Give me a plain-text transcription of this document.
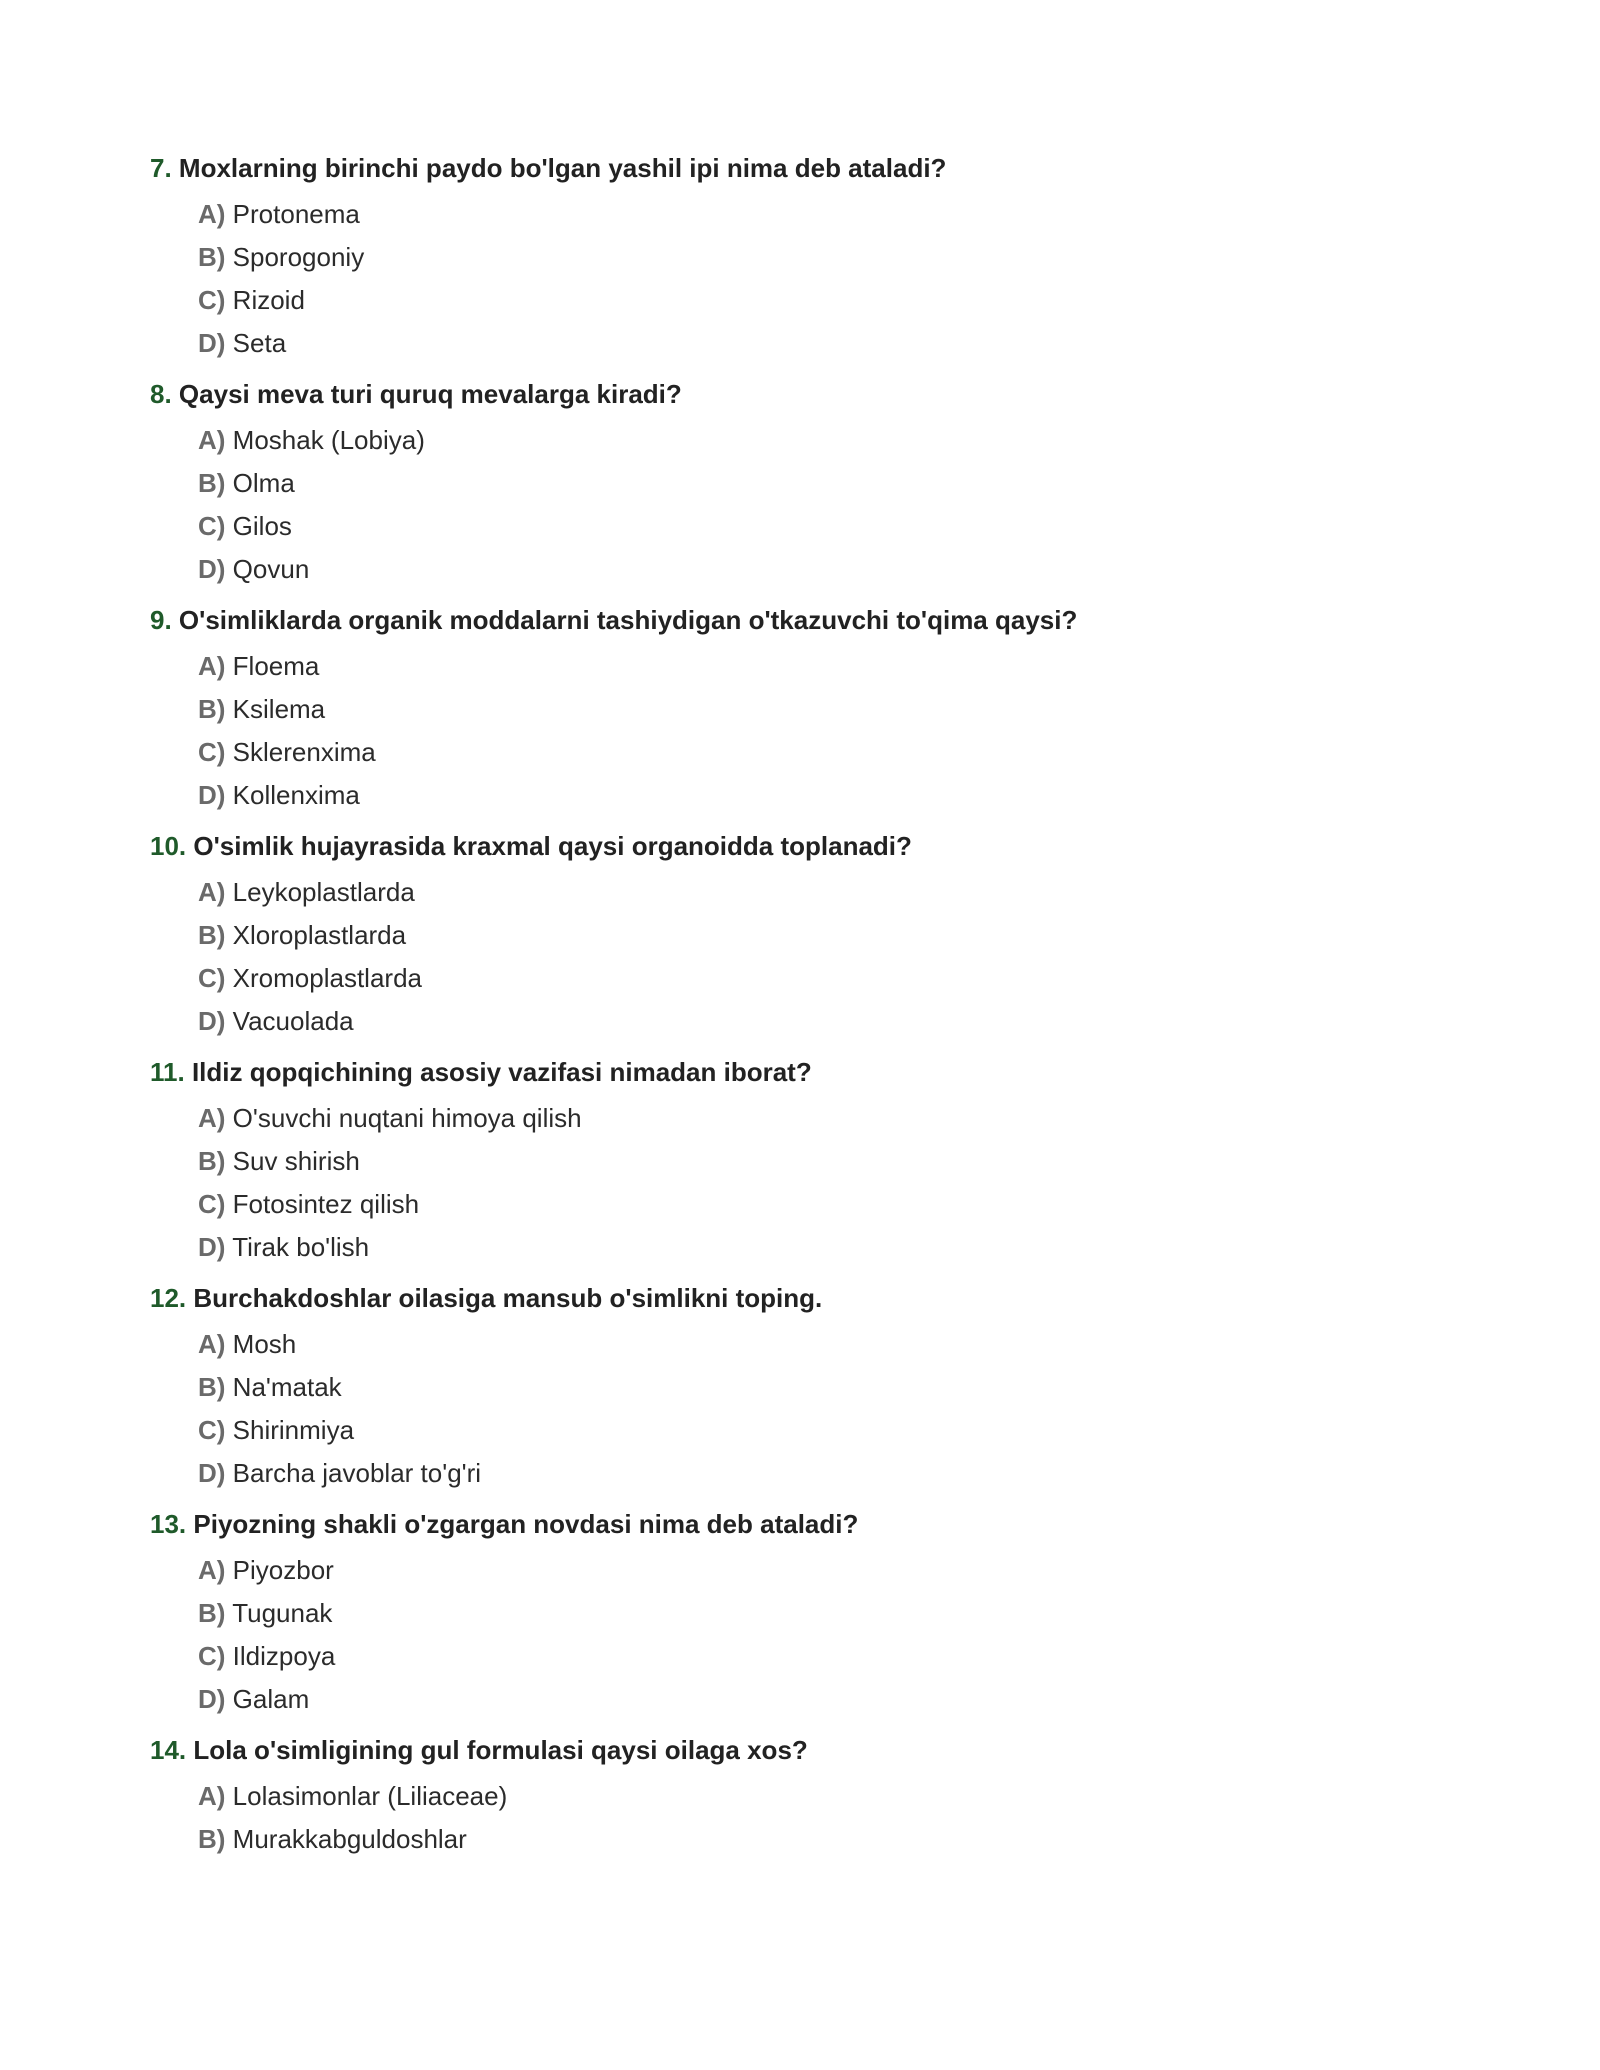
7. Moxlarning birinchi paydo bo'lgan yashil ipi nima deb ataladi?
A) Protonema
B) Sporogoniy
C) Rizoid
D) Seta
8. Qaysi meva turi quruq mevalarga kiradi?
A) Moshak (Lobiya)
B) Olma
C) Gilos
D) Qovun
9. O'simliklarda organik moddalarni tashiydigan o'tkazuvchi to'qima qaysi?
A) Floema
B) Ksilema
C) Sklerenxima
D) Kollenxima
10. O'simlik hujayrasida kraxmal qaysi organoidda toplanadi?
A) Leykoplastlarda
B) Xloroplastlarda
C) Xromoplastlarda
D) Vacuolada
11. Ildiz qopqichining asosiy vazifasi nimadan iborat?
A) O'suvchi nuqtani himoya qilish
B) Suv shirish
C) Fotosintez qilish
D) Tirak bo'lish
12. Burchakdoshlar oilasiga mansub o'simlikni toping.
A) Mosh
B) Na'matak
C) Shirinmiya
D) Barcha javoblar to'g'ri
13. Piyozning shakli o'zgargan novdasi nima deb ataladi?
A) Piyozbor
B) Tugunak
C) Ildizpoya
D) Galam
14. Lola o'simligining gul formulasi qaysi oilaga xos?
A) Lolasimonlar (Liliaceae)
B) Murakkabguldoshlar
